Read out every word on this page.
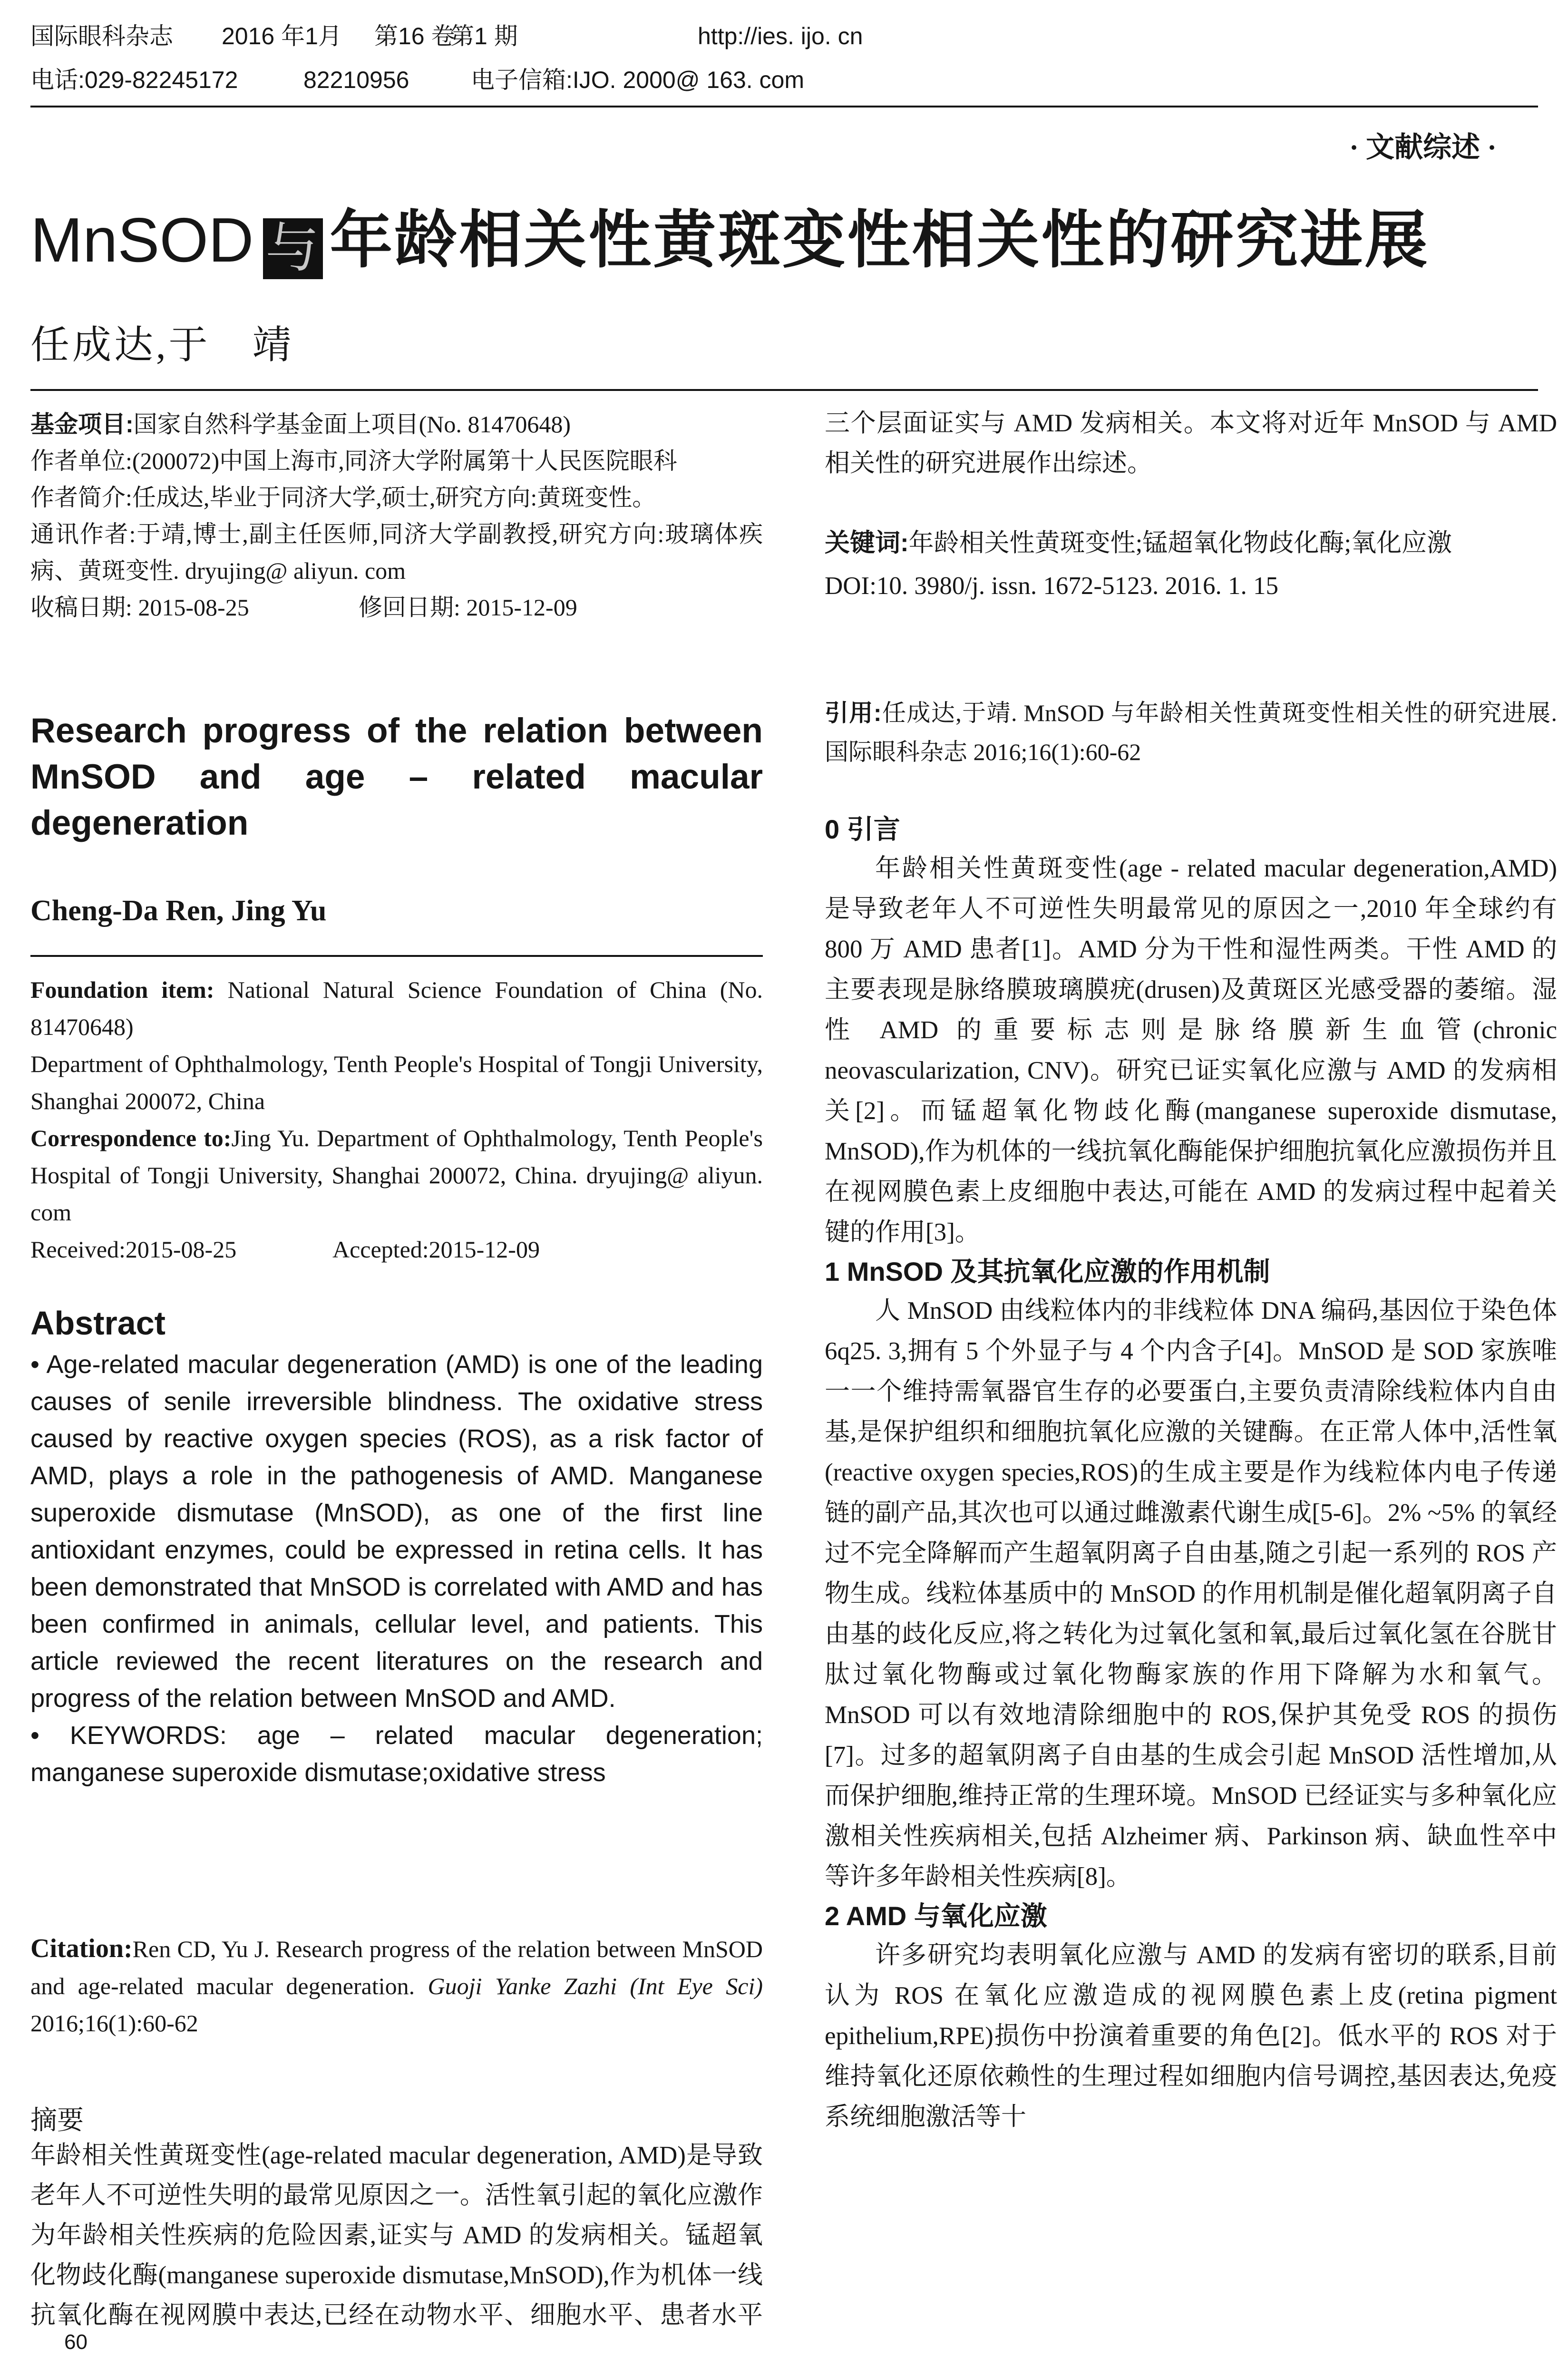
国际眼科杂志 2016 年1月 第16 卷第1 期	http://ies. ijo. cn
电话:029-82245172	82210956	电子信箱:IJO. 2000@ 163. com
· 文献综述 ·
MnSOD 与 年龄相关性黄斑变性相关性的研究进展
任成达,于　靖

基金项目:国家自然科学基金面上项目(No. 81470648)

作者单位:(200072)中国上海市,同济大学附属第十人民医院眼科

作者简介:任成达,毕业于同济大学,硕士,研究方向:黄斑变性。

通讯作者:于靖,博士,副主任医师,同济大学副教授,研究方向:玻璃体疾病、黄斑变性. dryujing@ aliyun. com

收稿日期: 2015-08-25	修回日期: 2015-12-09

Research progress of the relation between MnSOD and age – related macular degeneration
Cheng-Da Ren, Jing Yu

Foundation item: National Natural Science Foundation of China (No. 81470648)

Department of Ophthalmology, Tenth People's Hospital of Tongji University, Shanghai 200072, China

Correspondence to:Jing Yu. Department of Ophthalmology, Tenth People's Hospital of Tongji University, Shanghai 200072, China. dryujing@ aliyun. com

Received:2015-08-25	Accepted:2015-12-09

Abstract

• Age-related macular degeneration (AMD) is one of the leading causes of senile irreversible blindness. The oxidative stress caused by reactive oxygen species (ROS), as a risk factor of AMD, plays a role in the pathogenesis of AMD. Manganese superoxide dismutase (MnSOD), as one of the first line antioxidant enzymes, could be expressed in retina cells. It has been demonstrated that MnSOD is correlated with AMD and has been confirmed in animals, cellular level, and patients. This article reviewed the recent literatures on the research and progress of the relation between MnSOD and AMD.

• KEYWORDS: age – related macular degeneration; manganese superoxide dismutase;oxidative stress

Citation:Ren CD, Yu J. Research progress of the relation between MnSOD and age-related macular degeneration. Guoji Yanke Zazhi (Int Eye Sci) 2016;16(1):60-62

摘要

年龄相关性黄斑变性(age-related macular degeneration, AMD)是导致老年人不可逆性失明的最常见原因之一。活性氧引起的氧化应激作为年龄相关性疾病的危险因素,证实与 AMD 的发病相关。锰超氧化物歧化酶(manganese superoxide dismutase,MnSOD),作为机体一线抗氧化酶在视网膜中表达,已经在动物水平、细胞水平、患者水平

三个层面证实与 AMD 发病相关。本文将对近年 MnSOD 与 AMD 相关性的研究进展作出综述。

关键词:年龄相关性黄斑变性;锰超氧化物歧化酶;氧化应激

DOI:10. 3980/j. issn. 1672-5123. 2016. 1. 15

引用:任成达,于靖. MnSOD 与年龄相关性黄斑变性相关性的研究进展. 国际眼科杂志 2016;16(1):60-62

0 引言

年龄相关性黄斑变性(age - related macular degeneration,AMD)是导致老年人不可逆性失明最常见的原因之一,2010 年全球约有 800 万 AMD 患者[1]。AMD 分为干性和湿性两类。干性 AMD 的主要表现是脉络膜玻璃膜疣(drusen)及黄斑区光感受器的萎缩。湿性 AMD 的重要标志则是脉络膜新生血管(chronic neovascularization, CNV)。研究已证实氧化应激与 AMD 的发病相关[2]。而锰超氧化物歧化酶(manganese superoxide dismutase, MnSOD),作为机体的一线抗氧化酶能保护细胞抗氧化应激损伤并且在视网膜色素上皮细胞中表达,可能在 AMD 的发病过程中起着关键的作用[3]。

1 MnSOD 及其抗氧化应激的作用机制

人 MnSOD 由线粒体内的非线粒体 DNA 编码,基因位于染色体 6q25. 3,拥有 5 个外显子与 4 个内含子[4]。MnSOD 是 SOD 家族唯一一个维持需氧器官生存的必要蛋白,主要负责清除线粒体内自由基,是保护组织和细胞抗氧化应激的关键酶。在正常人体中,活性氧(reactive oxygen species,ROS)的生成主要是作为线粒体内电子传递链的副产品,其次也可以通过雌激素代谢生成[5-6]。2% ~5% 的氧经过不完全降解而产生超氧阴离子自由基,随之引起一系列的 ROS 产物生成。线粒体基质中的 MnSOD 的作用机制是催化超氧阴离子自由基的歧化反应,将之转化为过氧化氢和氧,最后过氧化氢在谷胱甘肽过氧化物酶或过氧化物酶家族的作用下降解为水和氧气。MnSOD 可以有效地清除细胞中的 ROS,保护其免受 ROS 的损伤[7]。过多的超氧阴离子自由基的生成会引起 MnSOD 活性增加,从而保护细胞,维持正常的生理环境。MnSOD 已经证实与多种氧化应激相关性疾病相关,包括 Alzheimer 病、Parkinson 病、缺血性卒中等许多年龄相关性疾病[8]。

2 AMD 与氧化应激

许多研究均表明氧化应激与 AMD 的发病有密切的联系,目前认为 ROS 在氧化应激造成的视网膜色素上皮(retina pigment epithelium,RPE)损伤中扮演着重要的角色[2]。低水平的 ROS 对于维持氧化还原依赖性的生理过程如细胞内信号调控,基因表达,免疫系统细胞激活等十

60
